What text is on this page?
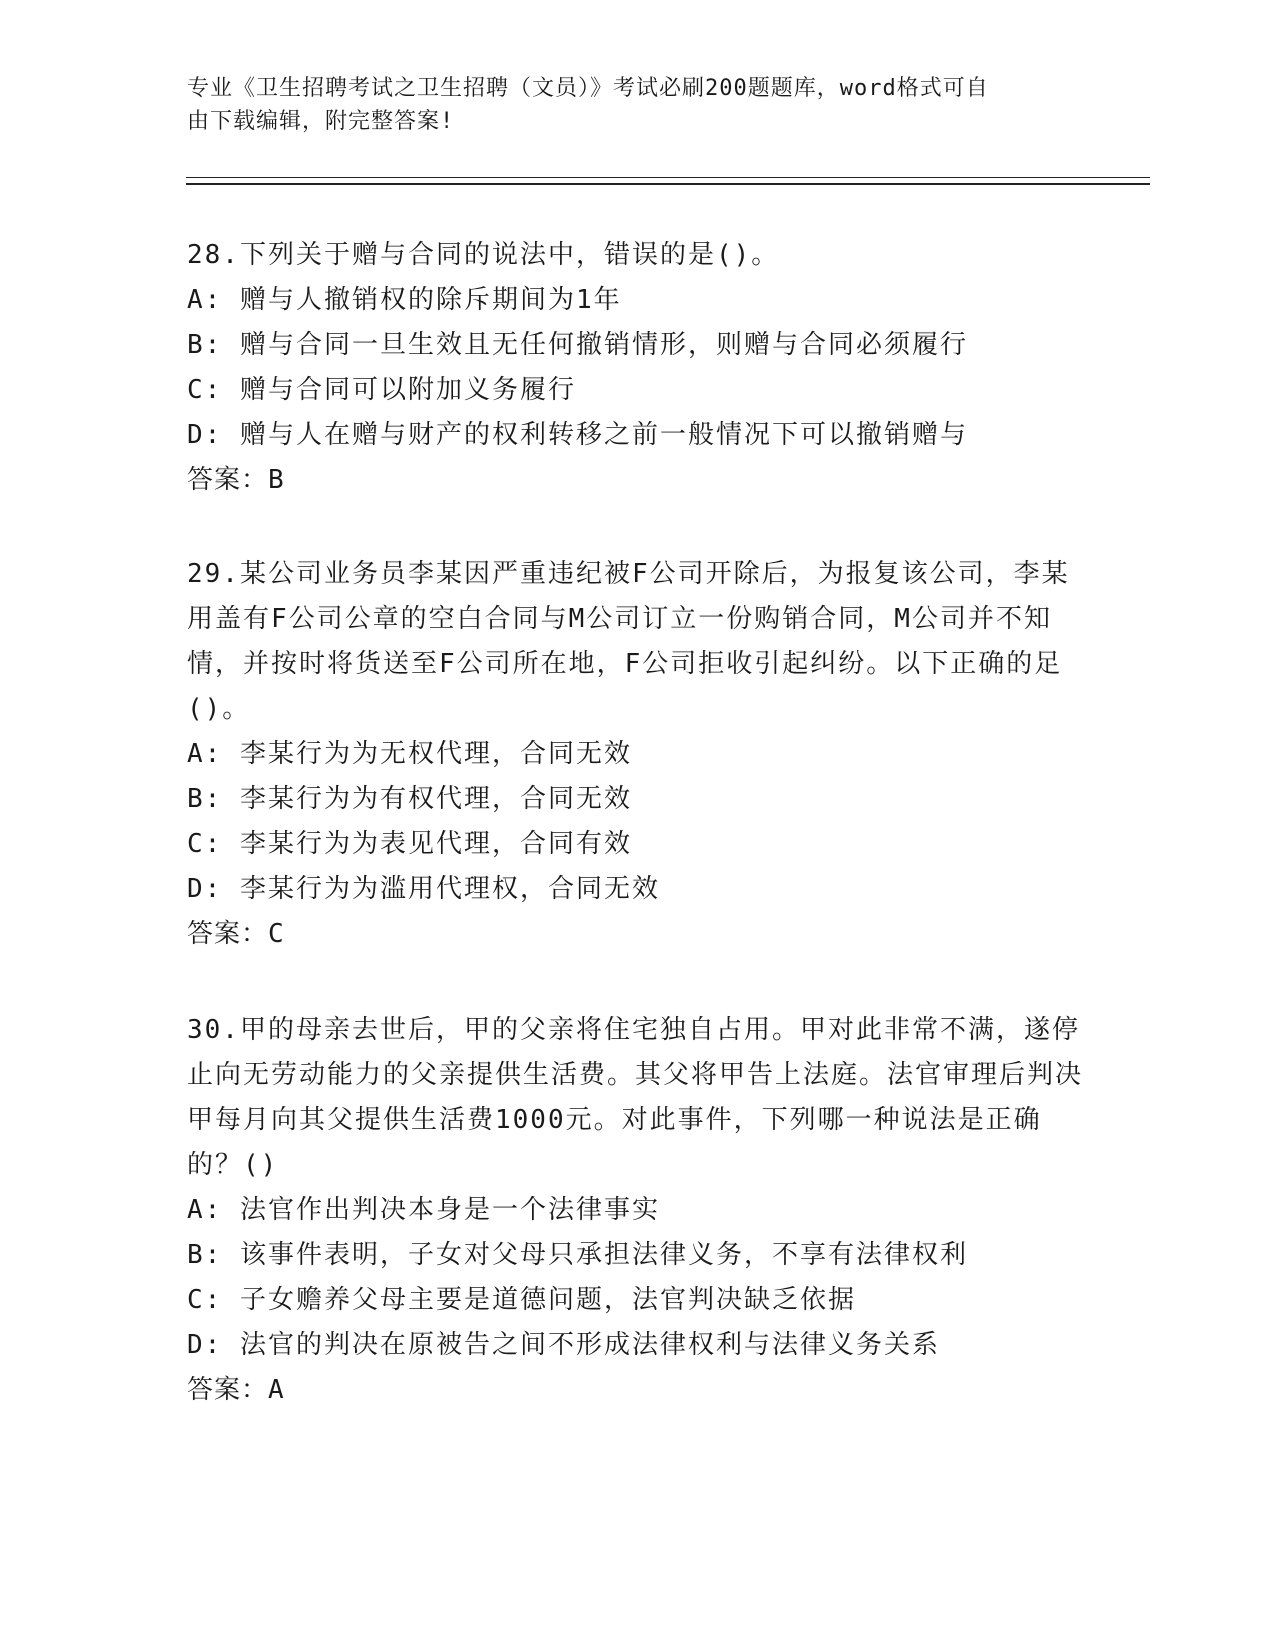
专业《卫生招聘考试之卫生招聘（文员）》考试必刷200题题库，word格式可自
由下载编辑，附完整答案!

28.下列关于赠与合同的说法中，错误的是()。

A: 赠与人撤销权的除斥期间为1年

B: 赠与合同一旦生效且无任何撤销情形，则赠与合同必须履行

C: 赠与合同可以附加义务履行

D: 赠与人在赠与财产的权利转移之前一般情况下可以撤销赠与

答案：B

29.某公司业务员李某因严重违纪被F公司开除后，为报复该公司，李某用盖有F公司公章的空白合同与M公司订立一份购销合同，M公司并不知情，并按时将货送至F公司所在地，F公司拒收引起纠纷。以下正确的足()。

A: 李某行为为无权代理，合同无效

B: 李某行为为有权代理，合同无效

C: 李某行为为表见代理，合同有效

D: 李某行为为滥用代理权，合同无效

答案：C

30.甲的母亲去世后，甲的父亲将住宅独自占用。甲对此非常不满，遂停止向无劳动能力的父亲提供生活费。其父将甲告上法庭。法官审理后判决甲每月向其父提供生活费1000元。对此事件，下列哪一种说法是正确的？()

A: 法官作出判决本身是一个法律事实

B: 该事件表明，子女对父母只承担法律义务，不享有法律权利

C: 子女赡养父母主要是道德问题，法官判决缺乏依据

D: 法官的判决在原被告之间不形成法律权利与法律义务关系

答案：A
